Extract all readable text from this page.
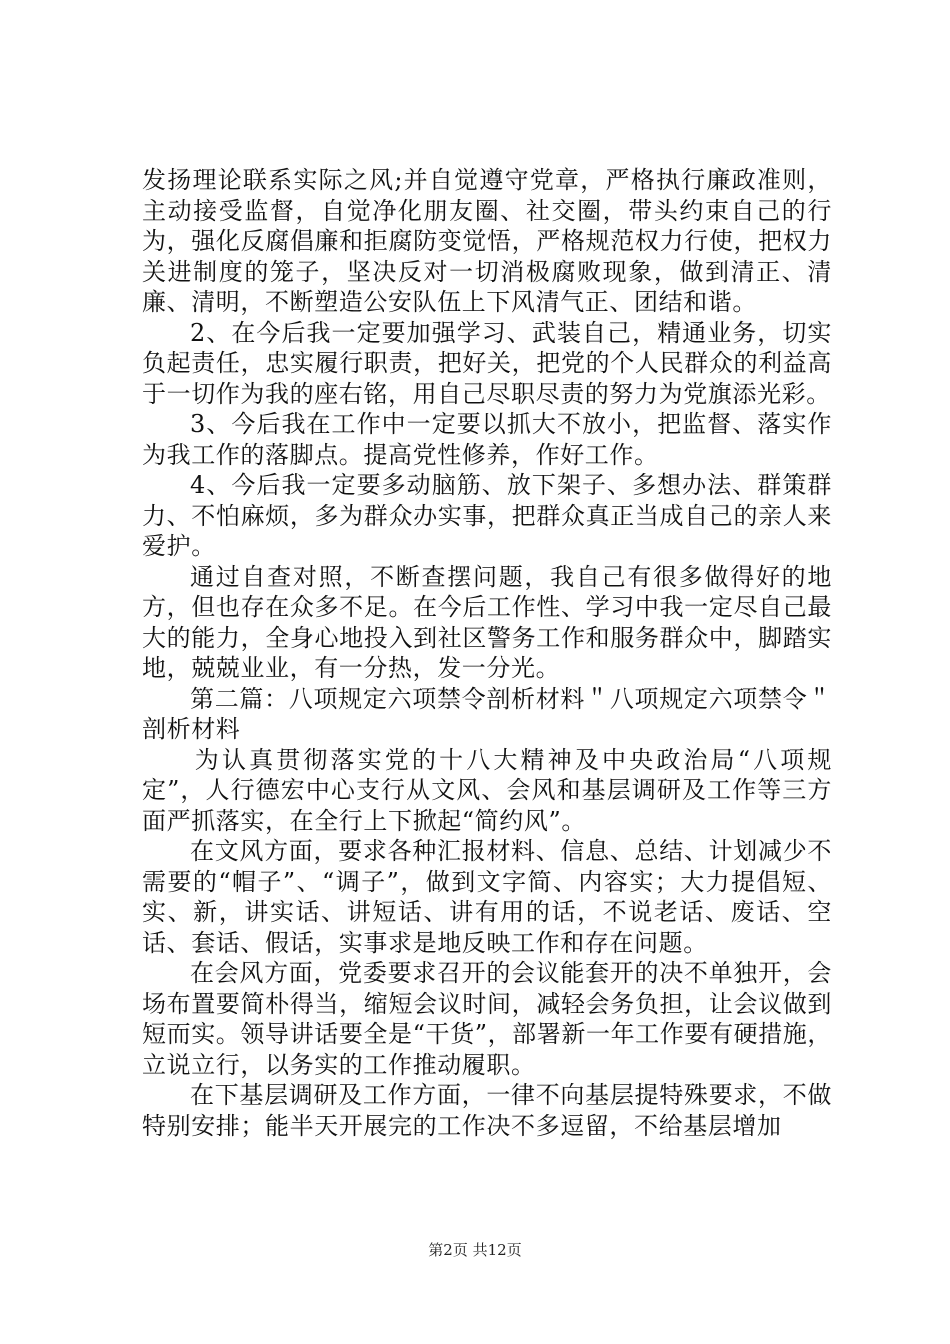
发扬理论联系实际之风;并自觉遵守党章，严格执行廉政准则，主动接受监督，自觉净化朋友圈、社交圈，带头约束自己的行为，强化反腐倡廉和拒腐防变觉悟，严格规范权力行使，把权力关进制度的笼子，坚决反对一切消极腐败现象，做到清正、清廉、清明，不断塑造公安队伍上下风清气正、团结和谐。

2、在今后我一定要加强学习、武装自己，精通业务，切实负起责任，忠实履行职责，把好关，把党的个人民群众的利益高于一切作为我的座右铭，用自己尽职尽责的努力为党旗添光彩。

3、今后我在工作中一定要以抓大不放小，把监督、落实作为我工作的落脚点。提高党性修养，作好工作。

4、今后我一定要多动脑筋、放下架子、多想办法、群策群力、不怕麻烦，多为群众办实事，把群众真正当成自己的亲人来爱护。

通过自查对照，不断查摆问题，我自己有很多做得好的地方，但也存在众多不足。在今后工作性、学习中我一定尽自己最大的能力，全身心地投入到社区警务工作和服务群众中，脚踏实地，兢兢业业，有一分热，发一分光。

第二篇：八项规定六项禁令剖析材料＂八项规定六项禁令＂剖析材料

为认真贯彻落实党的十八大精神及中央政治局“八项规定”，人行德宏中心支行从文风、会风和基层调研及工作等三方面严抓落实，在全行上下掀起“简约风”。

在文风方面，要求各种汇报材料、信息、总结、计划减少不需要的“帽子”、“调子”，做到文字简、内容实；大力提倡短、实、新，讲实话、讲短话、讲有用的话，不说老话、废话、空话、套话、假话，实事求是地反映工作和存在问题。

在会风方面，党委要求召开的会议能套开的决不单独开，会场布置要简朴得当，缩短会议时间，减轻会务负担，让会议做到短而实。领导讲话要全是“干货”，部署新一年工作要有硬措施，立说立行，以务实的工作推动履职。

在下基层调研及工作方面，一律不向基层提特殊要求，不做特别安排；能半天开展完的工作决不多逗留，不给基层增加

第2页 共12页
